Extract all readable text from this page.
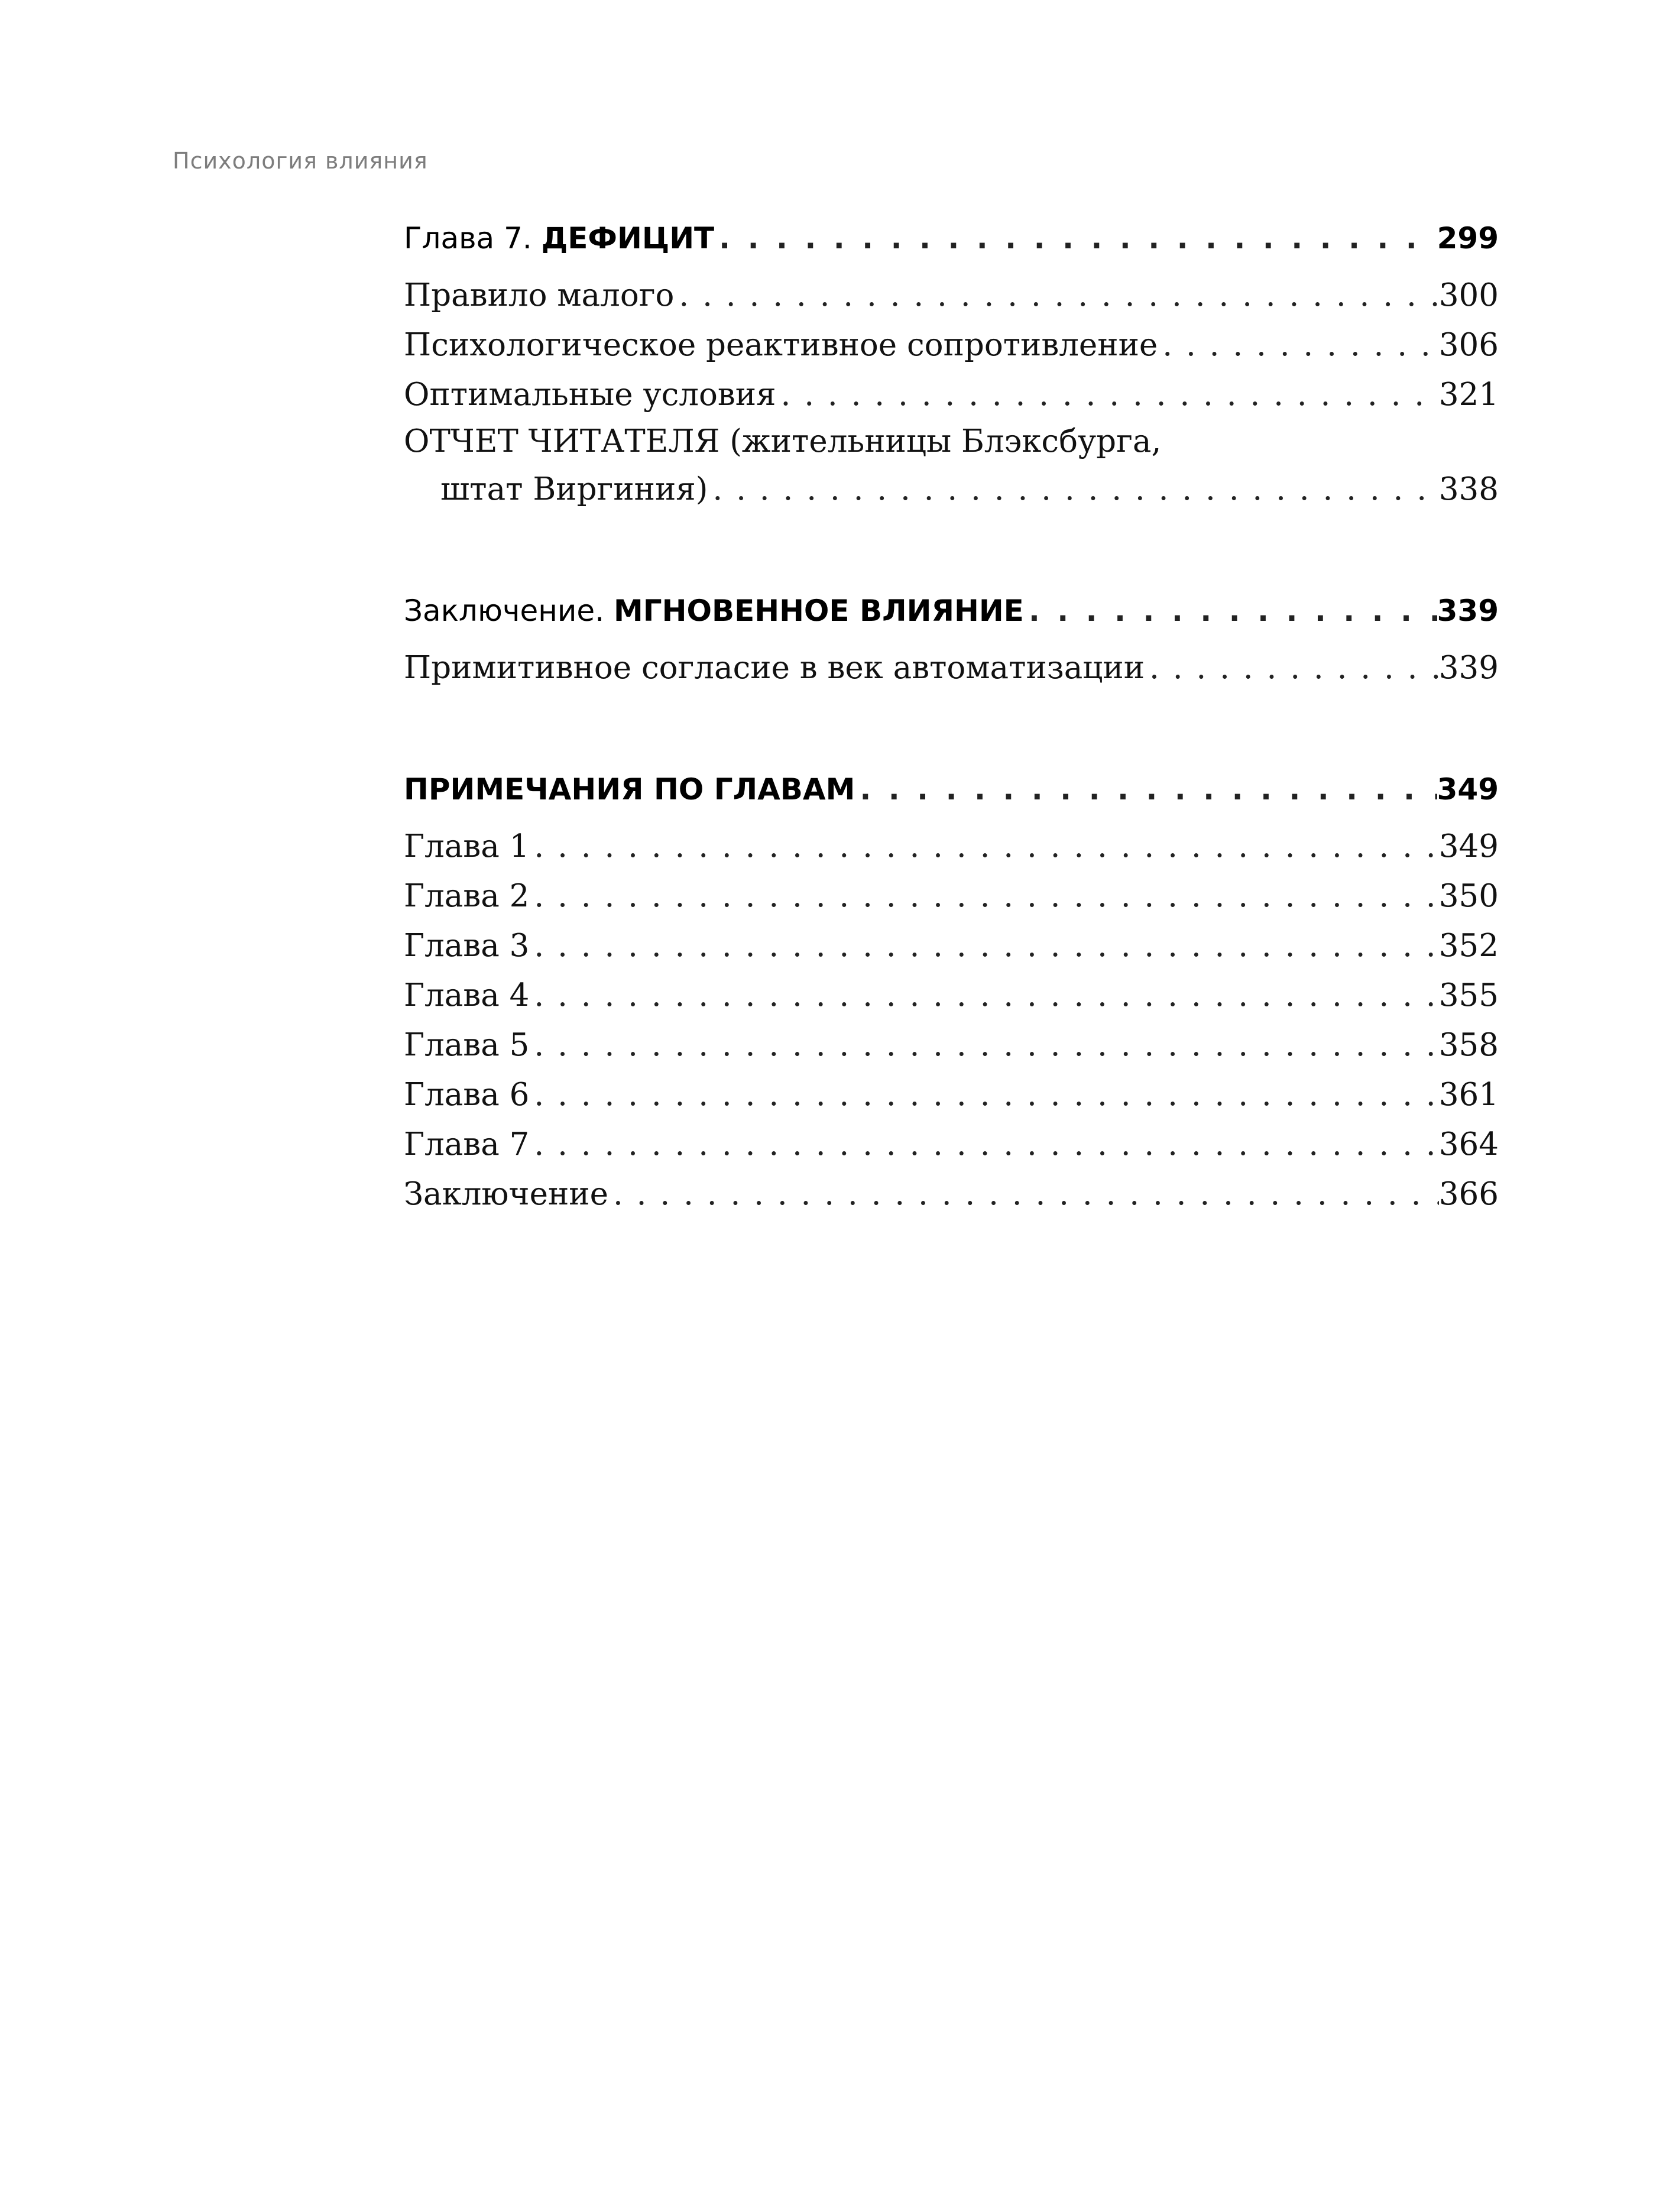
Психология влияния
Глава 7. ДЕФИЦИТ . . .	299
Правило малого . . .	300
Психологическое реактивное сопротивление . . .	306
Оптимальные условия . . .	321
ОТЧЕТ ЧИТАТЕЛЯ (жительницы Блэксбурга,
штат Виргиния) . . .	338
Заключение. МГНОВЕННОЕ ВЛИЯНИЕ . . .	339
Примитивное согласие в век автоматизации . . .	339
ПРИМЕЧАНИЯ ПО ГЛАВАМ . . .	349
Глава 1 . . .	349
Глава 2 . . .	350
Глава 3 . . .	352
Глава 4 . . .	355
Глава 5 . . .	358
Глава 6 . . .	361
Глава 7 . . .	364
Заключение . . .	366
